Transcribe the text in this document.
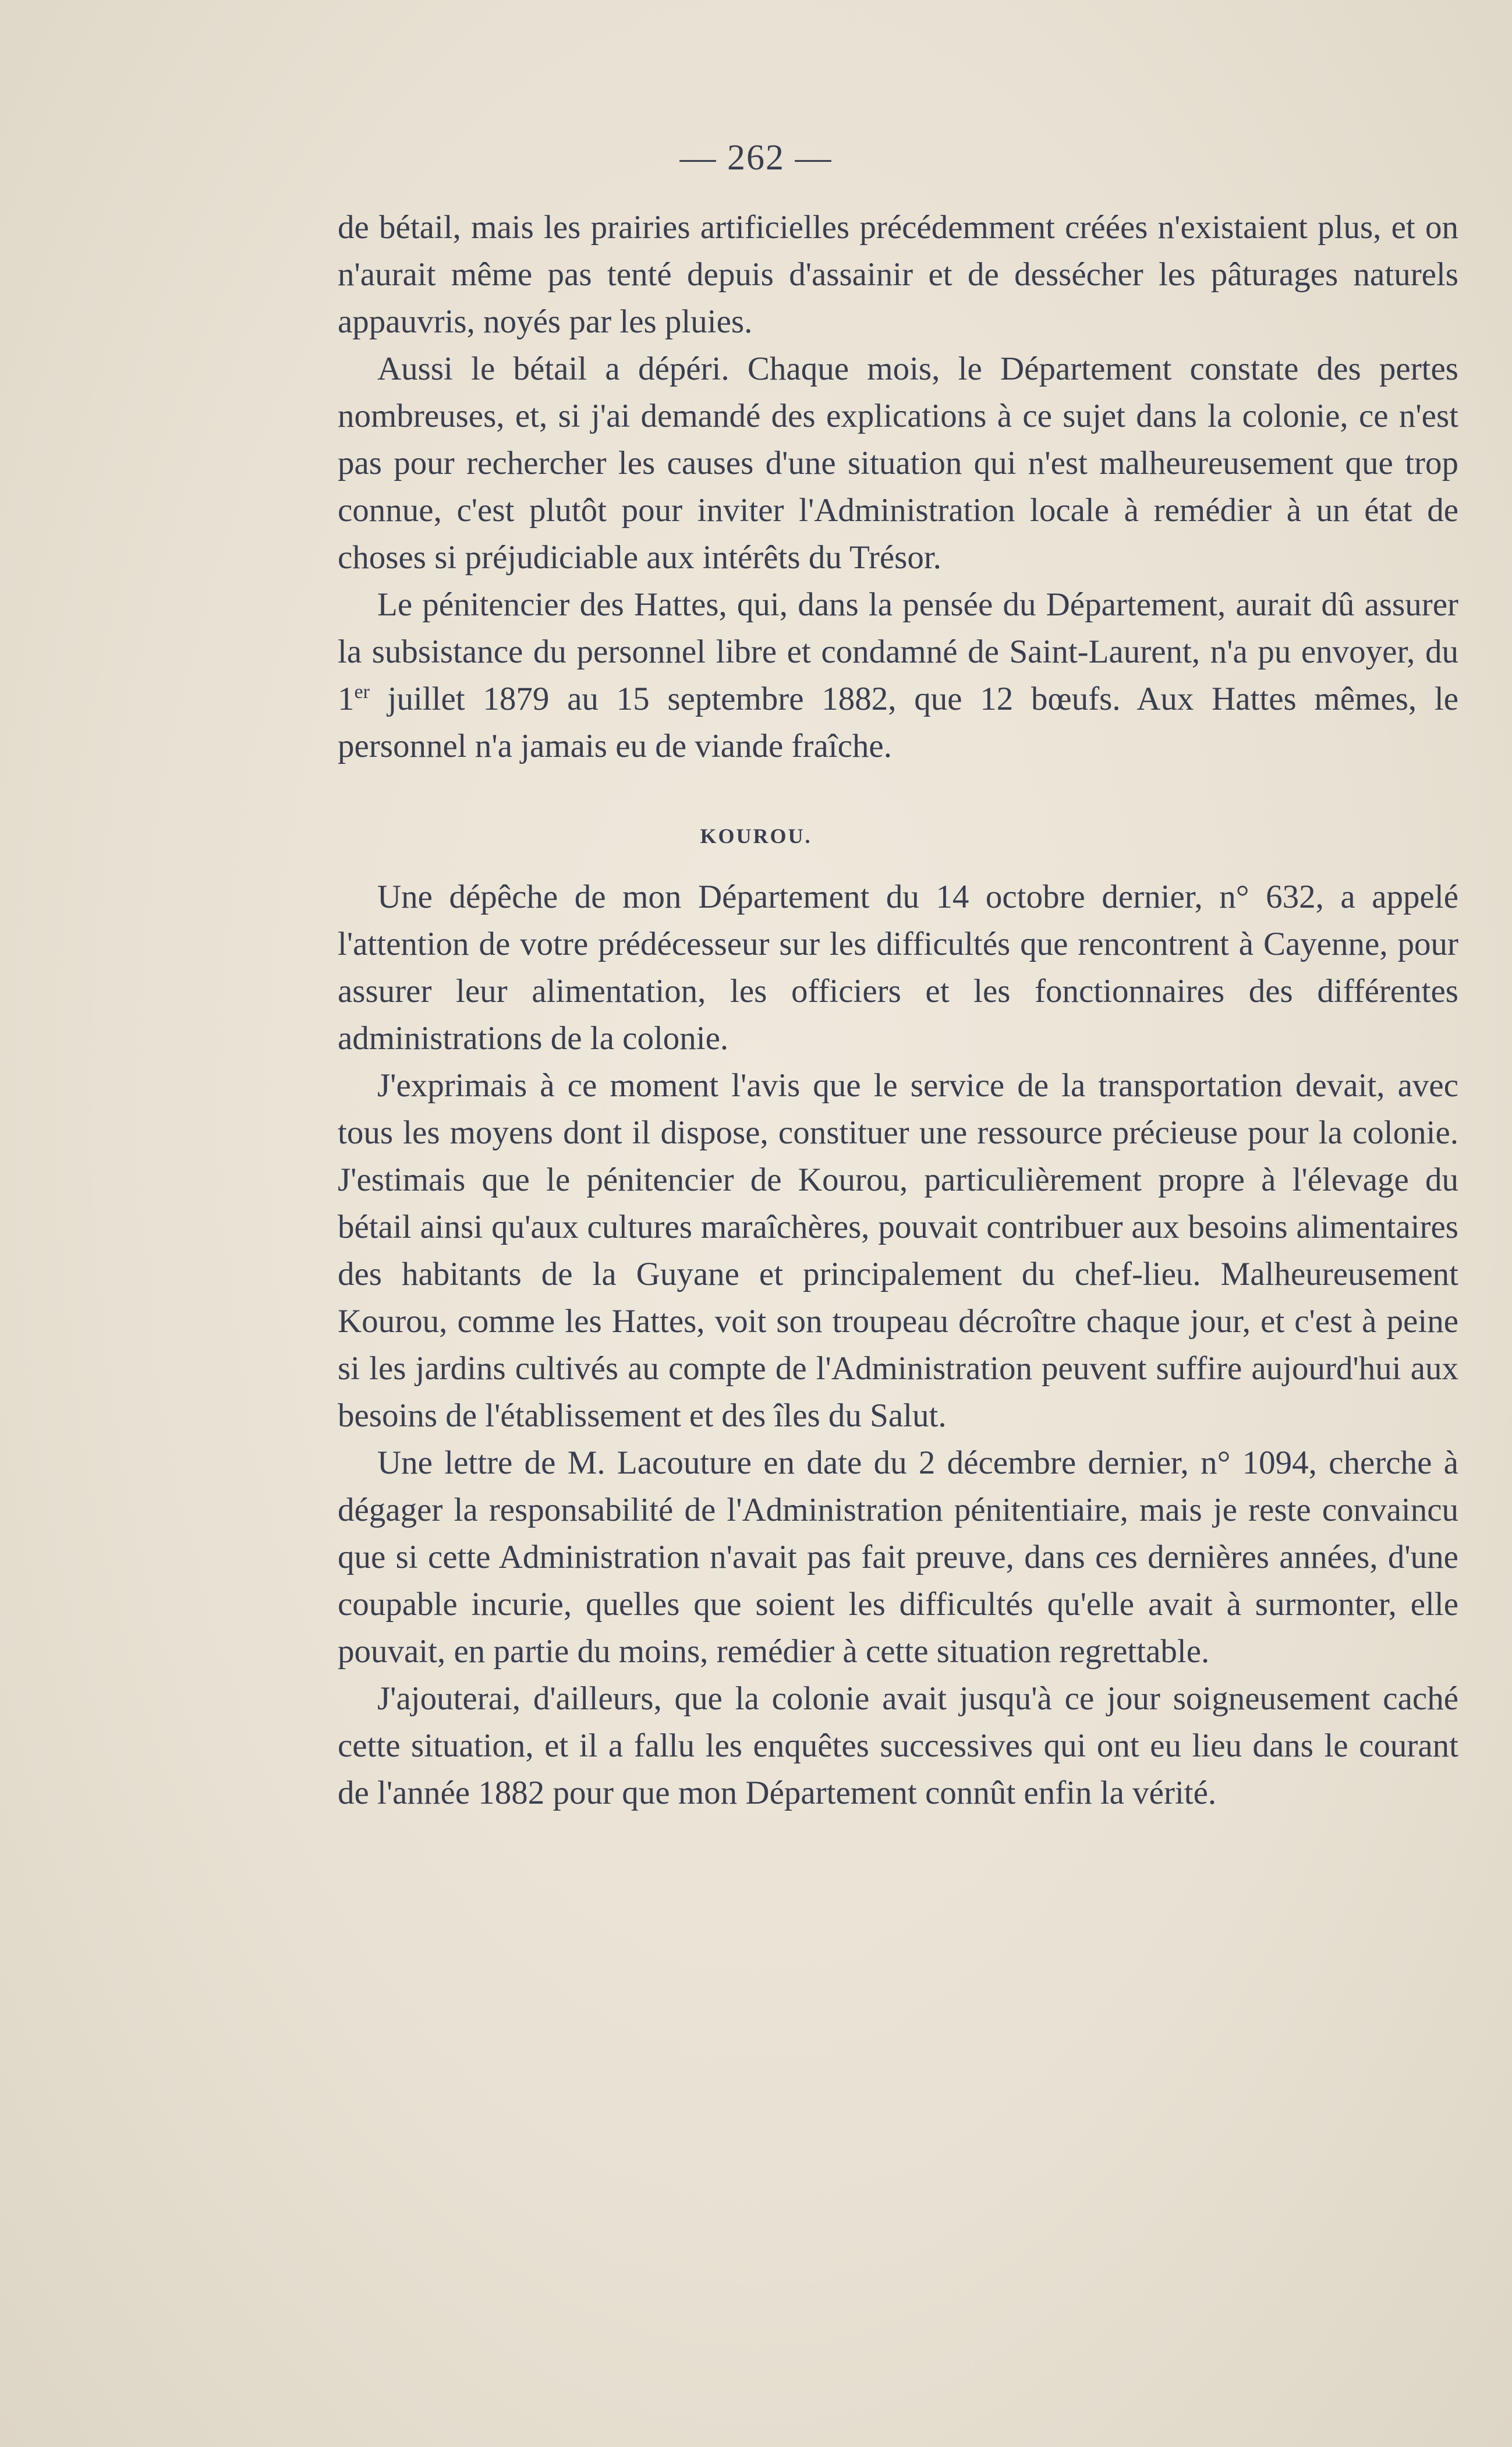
— 262 —

de bétail, mais les prairies artificielles précédemment créées n'existaient plus, et on n'aurait même pas tenté depuis d'assainir et de dessécher les pâturages naturels appauvris, noyés par les pluies.

Aussi le bétail a dépéri. Chaque mois, le Département constate des pertes nombreuses, et, si j'ai demandé des explications à ce sujet dans la colonie, ce n'est pas pour rechercher les causes d'une situation qui n'est malheureusement que trop connue, c'est plutôt pour inviter l'Administration locale à remédier à un état de choses si préjudiciable aux intérêts du Trésor.

Le pénitencier des Hattes, qui, dans la pensée du Département, aurait dû assurer la subsistance du personnel libre et condamné de Saint-Laurent, n'a pu envoyer, du 1er juillet 1879 au 15 septembre 1882, que 12 bœufs. Aux Hattes mêmes, le personnel n'a jamais eu de viande fraîche.

KOUROU.

Une dépêche de mon Département du 14 octobre dernier, n° 632, a appelé l'attention de votre prédécesseur sur les difficultés que rencontrent à Cayenne, pour assurer leur alimentation, les officiers et les fonctionnaires des différentes administrations de la colonie.

J'exprimais à ce moment l'avis que le service de la transportation devait, avec tous les moyens dont il dispose, constituer une ressource précieuse pour la colonie. J'estimais que le pénitencier de Kourou, particulièrement propre à l'élevage du bétail ainsi qu'aux cultures maraîchères, pouvait contribuer aux besoins alimentaires des habitants de la Guyane et principalement du chef-lieu. Malheureusement Kourou, comme les Hattes, voit son troupeau décroître chaque jour, et c'est à peine si les jardins cultivés au compte de l'Administration peuvent suffire aujourd'hui aux besoins de l'établissement et des îles du Salut.

Une lettre de M. Lacouture en date du 2 décembre dernier, n° 1094, cherche à dégager la responsabilité de l'Administration pénitentiaire, mais je reste convaincu que si cette Administration n'avait pas fait preuve, dans ces dernières années, d'une coupable incurie, quelles que soient les difficultés qu'elle avait à surmonter, elle pouvait, en partie du moins, remédier à cette situation regrettable.

J'ajouterai, d'ailleurs, que la colonie avait jusqu'à ce jour soigneusement caché cette situation, et il a fallu les enquêtes successives qui ont eu lieu dans le courant de l'année 1882 pour que mon Département connût enfin la vérité.
